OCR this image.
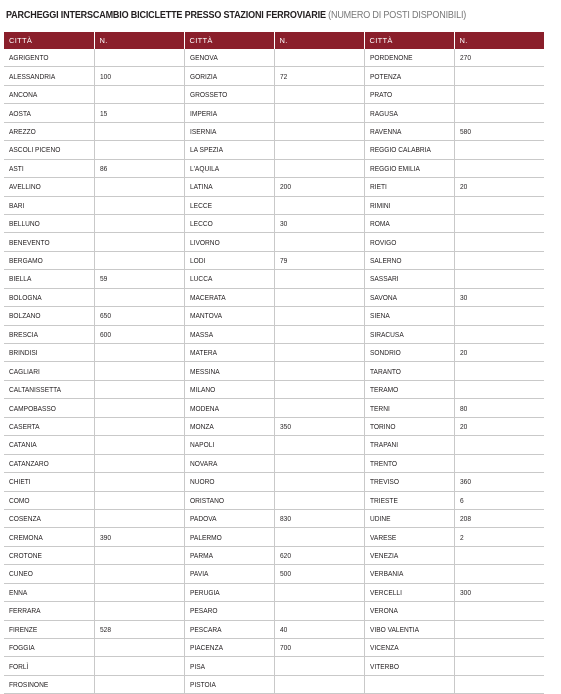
PARCHEGGI INTERSCAMBIO BICICLETTE PRESSO STAZIONI FERROVIARIE (NUMERO DI POSTI DISPONIBILI)
CITTÀ	N.	CITTÀ	N.	CITTÀ	N.
AGRIGENTO		GENOVA		PORDENONE	270
ALESSANDRIA	100	GORIZIA	72	POTENZA	
ANCONA		GROSSETO		PRATO	
AOSTA	15	IMPERIA		RAGUSA	
AREZZO		ISERNIA		RAVENNA	580
ASCOLI PICENO		LA SPEZIA		REGGIO CALABRIA	
ASTI	86	L'AQUILA		REGGIO EMILIA	
AVELLINO		LATINA	200	RIETI	20
BARI		LECCE		RIMINI	
BELLUNO		LECCO	30	ROMA	
BENEVENTO		LIVORNO		ROVIGO	
BERGAMO		LODI	79	SALERNO	
BIELLA	59	LUCCA		SASSARI	
BOLOGNA		MACERATA		SAVONA	30
BOLZANO	650	MANTOVA		SIENA	
BRESCIA	600	MASSA		SIRACUSA	
BRINDISI		MATERA		SONDRIO	20
CAGLIARI		MESSINA		TARANTO	
CALTANISSETTA		MILANO		TERAMO	
CAMPOBASSO		MODENA		TERNI	80
CASERTA		MONZA	350	TORINO	20
CATANIA		NAPOLI		TRAPANI	
CATANZARO		NOVARA		TRENTO	
CHIETI		NUORO		TREVISO	360
COMO		ORISTANO		TRIESTE	6
COSENZA		PADOVA	830	UDINE	208
CREMONA	390	PALERMO		VARESE	2
CROTONE		PARMA	620	VENEZIA	
CUNEO		PAVIA	500	VERBANIA	
ENNA		PERUGIA		VERCELLI	300
FERRARA		PESARO		VERONA	
FIRENZE	528	PESCARA	40	VIBO VALENTIA	
FOGGIA		PIACENZA	700	VICENZA	
FORLÌ		PISA		VITERBO	
FROSINONE		PISTOIA			
